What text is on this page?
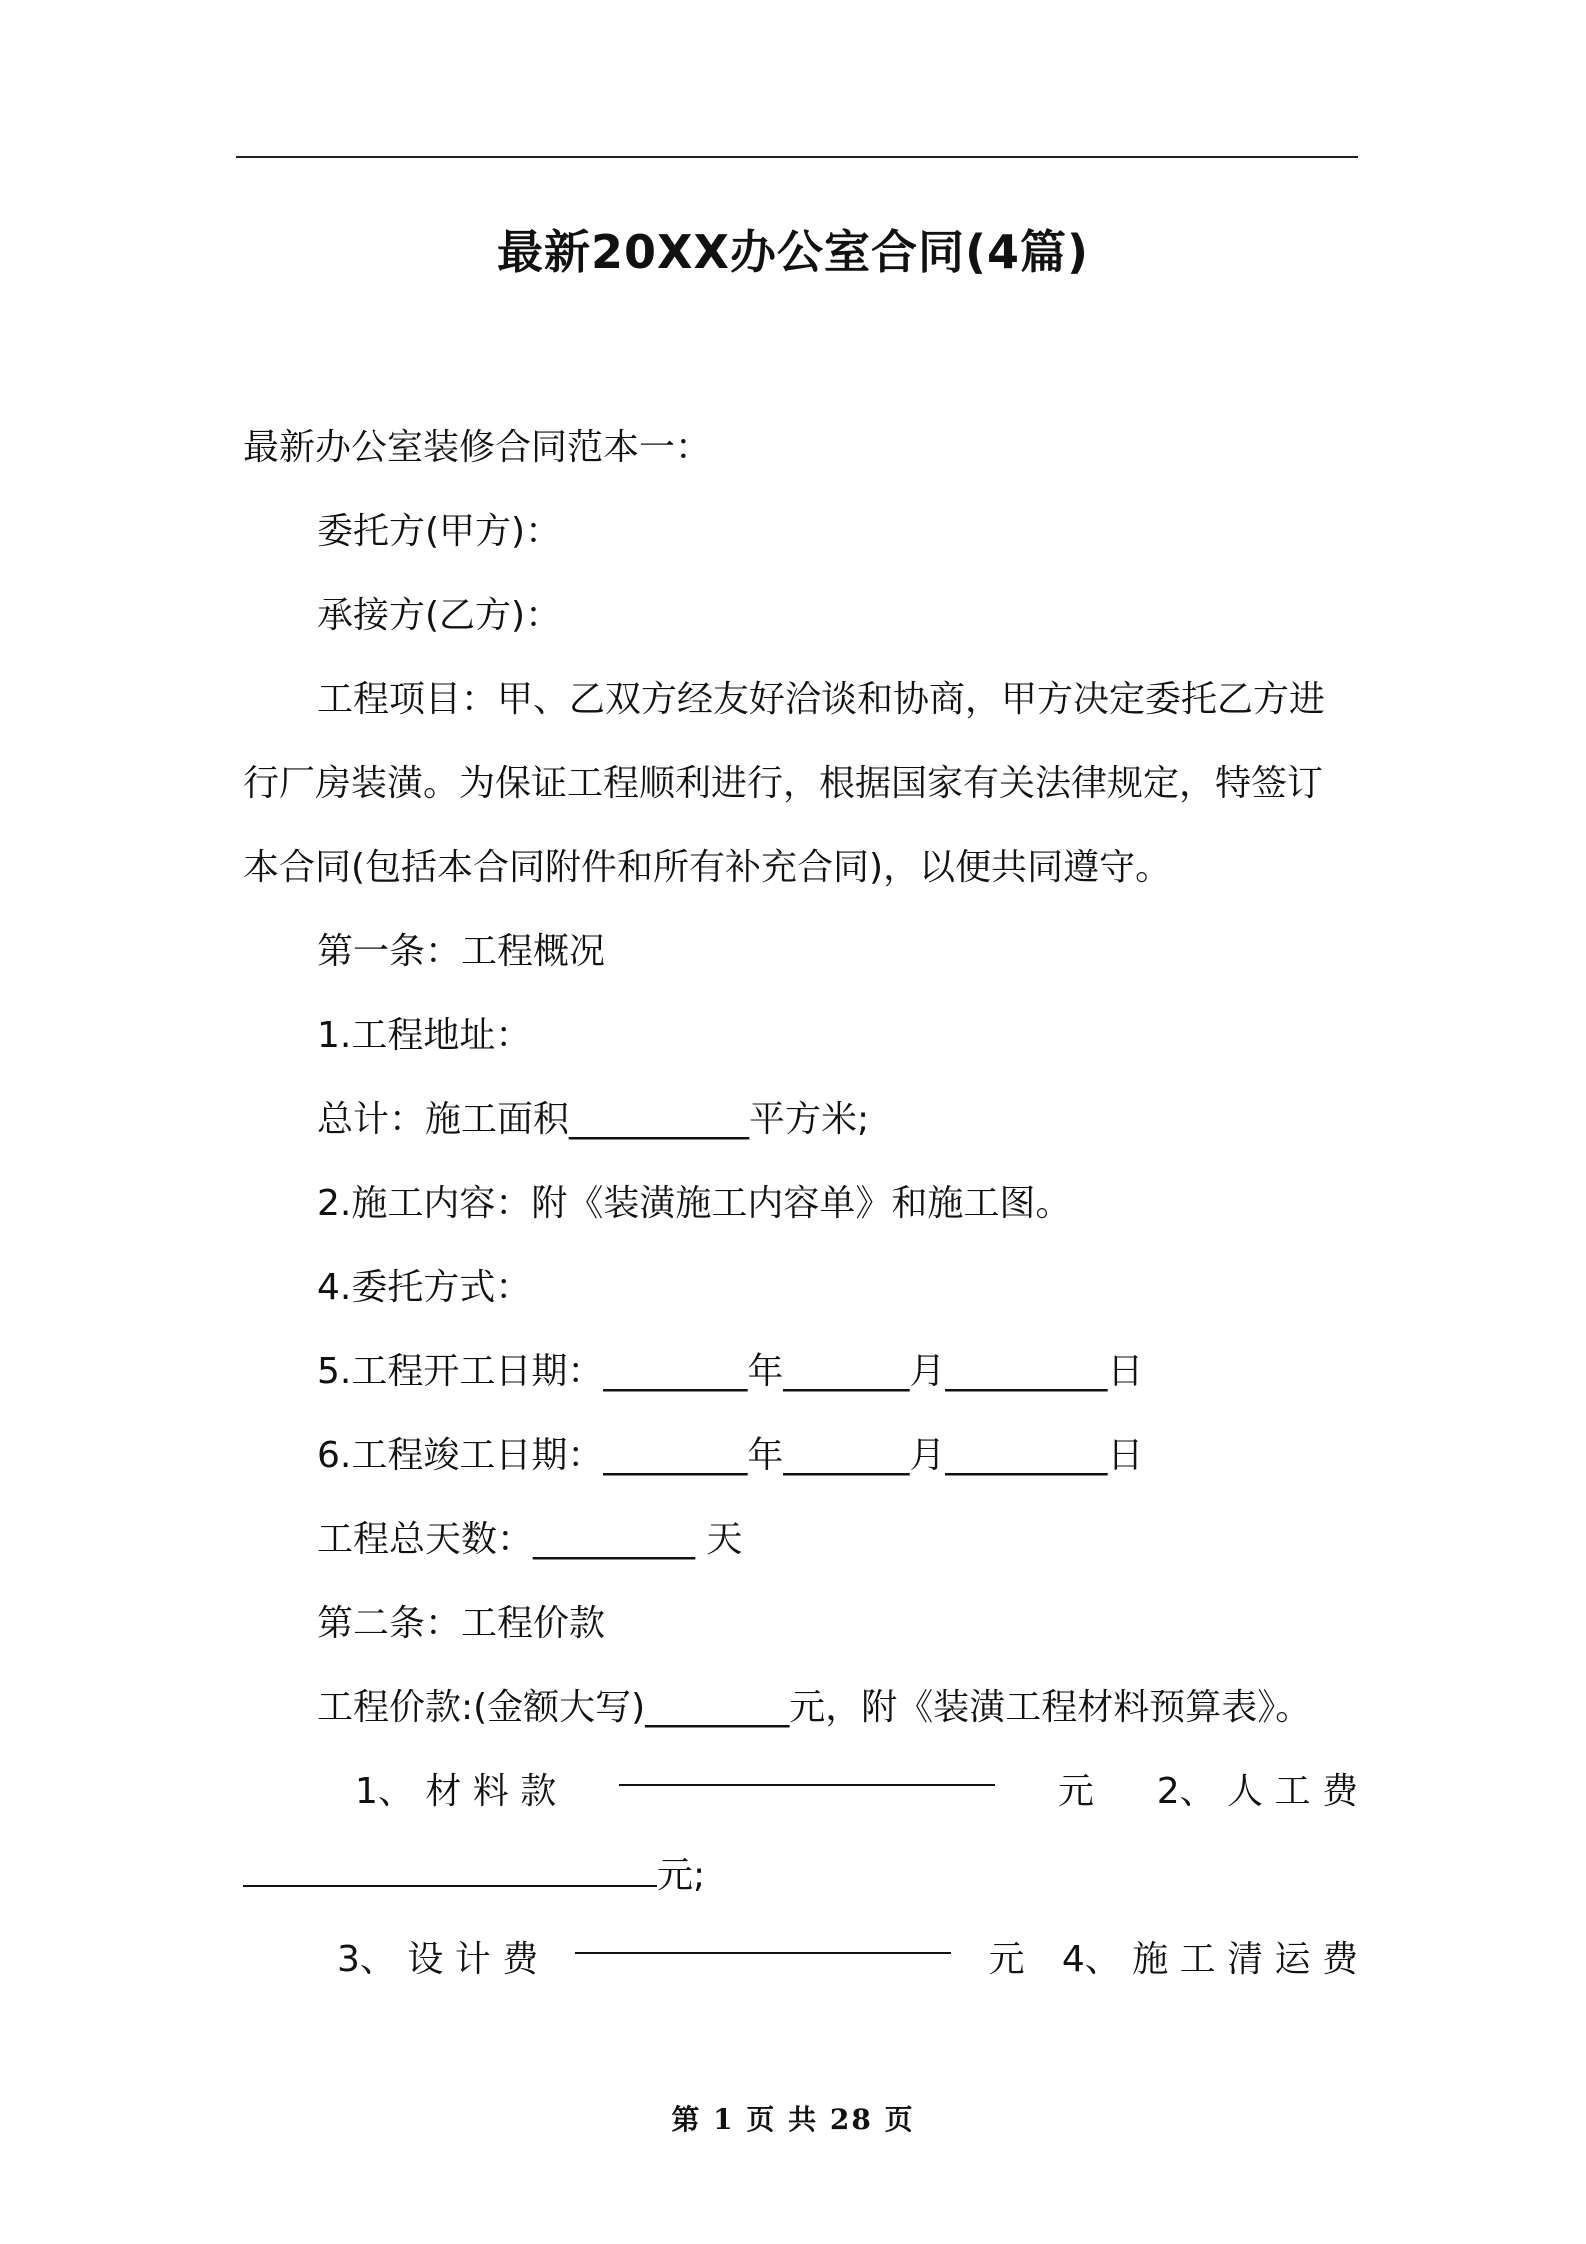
最新20XX办公室合同(4篇)
最新办公室装修合同范本一：
委托方(甲方)：
承接方(乙方)：
工程项目：甲、乙双方经友好洽谈和协商，甲方决定委托乙方进
行厂房装潢。为保证工程顺利进行，根据国家有关法律规定，特签订
本合同(包括本合同附件和所有补充合同)，以便共同遵守。
第一条：工程概况
1.工程地址：
总计：施工面积__________平方米;
2.施工内容：附《装潢施工内容单》和施工图。
4.委托方式：
5.工程开工日期：________年_______月_________日
6.工程竣工日期：________年_______月_________日
工程总天数：_________ 天
第二条：工程价款
工程价款:(金额大写)________元，附《装潢工程材料预算表》。
1、 材 料 款	元 2、 人 工 费
元;
3、 设 计 费	元 4、 施 工 清 运 费
第 1 页 共 28 页
